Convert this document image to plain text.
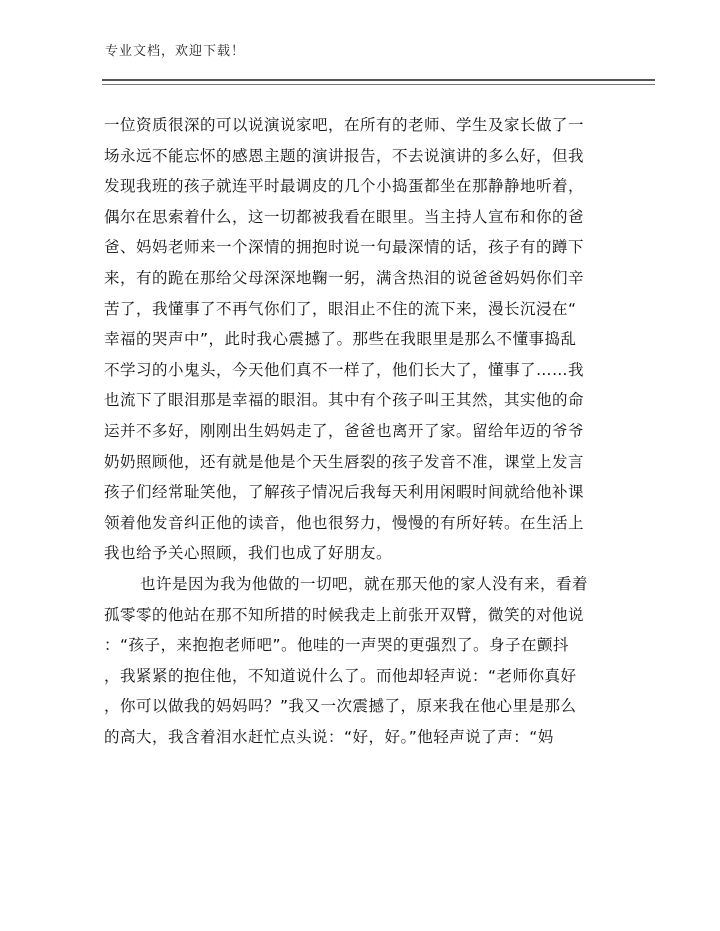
专业文档，欢迎下载！
一位资质很深的可以说演说家吧，在所有的老师、学生及家长做了一
场永远不能忘怀的感恩主题的演讲报告，不去说演讲的多么好，但我
发现我班的孩子就连平时最调皮的几个小捣蛋都坐在那静静地听着，
偶尔在思索着什么，这一切都被我看在眼里。当主持人宣布和你的爸
爸、妈妈老师来一个深情的拥抱时说一句最深情的话，孩子有的蹲下
来，有的跪在那给父母深深地鞠一躬，满含热泪的说爸爸妈妈你们辛
苦了，我懂事了不再气你们了，眼泪止不住的流下来，漫长沉浸在“
幸福的哭声中”，此时我心震撼了。那些在我眼里是那么不懂事捣乱
不学习的小鬼头，今天他们真不一样了，他们长大了，懂事了……我
也流下了眼泪那是幸福的眼泪。其中有个孩子叫王其然，其实他的命
运并不多好，刚刚出生妈妈走了，爸爸也离开了家。留给年迈的爷爷
奶奶照顾他，还有就是他是个天生唇裂的孩子发音不准，课堂上发言
孩子们经常耻笑他，了解孩子情况后我每天利用闲暇时间就给他补课
领着他发音纠正他的读音，他也很努力，慢慢的有所好转。在生活上
我也给予关心照顾，我们也成了好朋友。
也许是因为我为他做的一切吧，就在那天他的家人没有来，看着
孤零零的他站在那不知所措的时候我走上前张开双臂，微笑的对他说
：“孩子，来抱抱老师吧”。他哇的一声哭的更强烈了。身子在颤抖
，我紧紧的抱住他，不知道说什么了。而他却轻声说：“老师你真好
，你可以做我的妈妈吗？”我又一次震撼了，原来我在他心里是那么
的高大，我含着泪水赶忙点头说：“好，好。”他轻声说了声：“妈
